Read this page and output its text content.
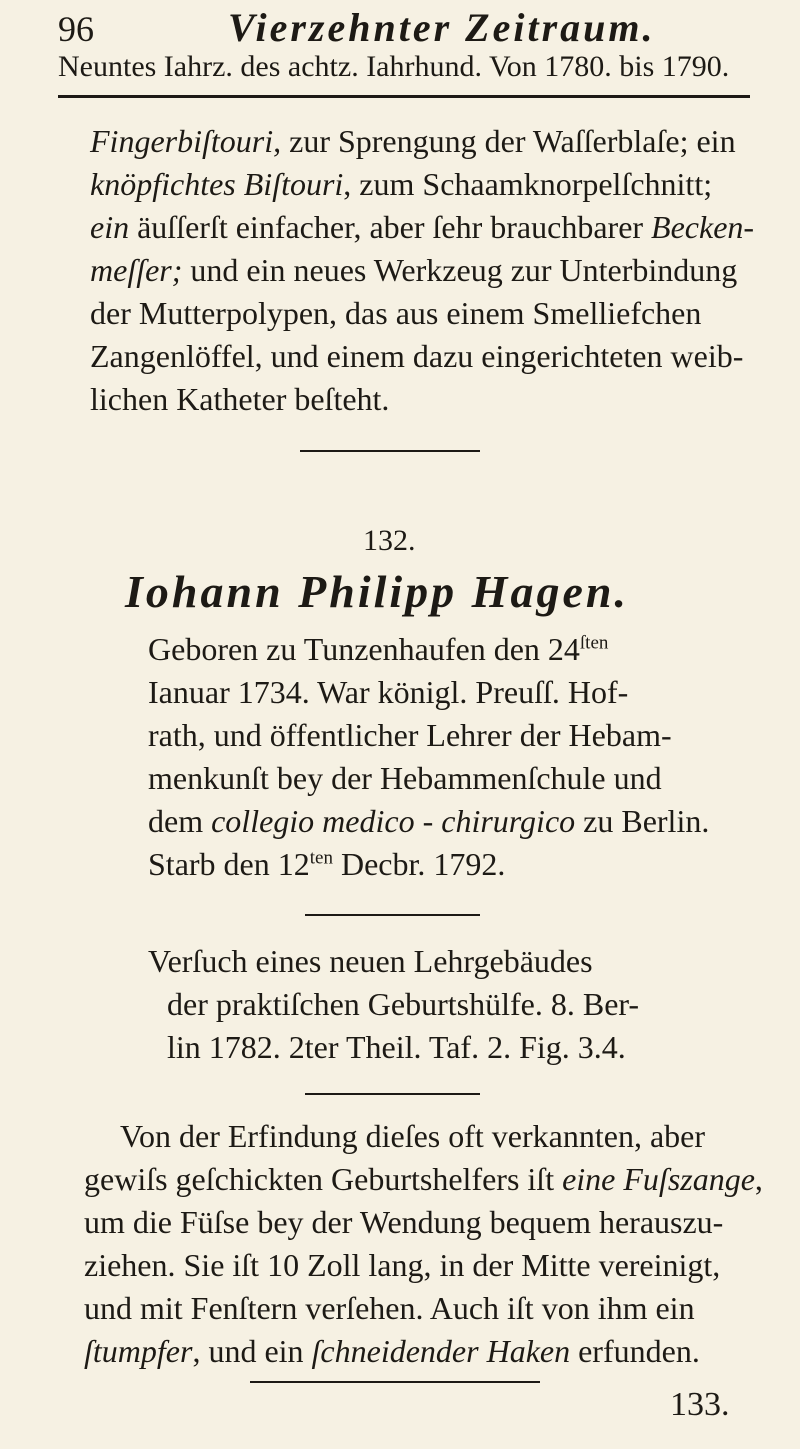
96	Vierzehnter Zeitraum.
Neuntes Iahrz. des achtz. Iahrhund. Von 1780. bis 1790.
Fingerbiſtouri, zur Sprengung der Waſſerblaſe; ein
knöpfichtes Biſtouri, zum Schaamknorpelſchnitt;
ein äuſſerſt einfacher, aber ſehr brauchbarer Becken-
meſſer; und ein neues Werkzeug zur Unterbindung
der Mutterpolypen, das aus einem Smelliefchen
Zangenlöffel, und einem dazu eingerichteten weib-
lichen Katheter beſteht.
132.
Iohann Philipp Hagen.
Geboren zu Tunzenhaufen den $24^{ſten}$
Ianuar 1734. War königl. Preuſſ. Hof-
rath, und öffentlicher Lehrer der Hebam-
menkunſt bey der Hebammenſchule und
dem collegio medico - chirurgico zu Berlin.
Starb den $12^{ten}$ Decbr. 1792.
Verſuch eines neuen Lehrgebäudes
der praktiſchen Geburtshülfe. 8. Ber-
lin 1782. 2ter Theil. Taf. 2. Fig. 3.4.
Von der Erfindung dieſes oft verkannten, aber
gewiſs geſchickten Geburtshelfers iſt eine Fuſszange,
um die Füſse bey der Wendung bequem herauszu-
ziehen. Sie iſt 10 Zoll lang, in der Mitte vereinigt,
und mit Fenſtern verſehen. Auch iſt von ihm ein
ſtumpfer, und ein ſchneidender Haken erfunden.
133.
